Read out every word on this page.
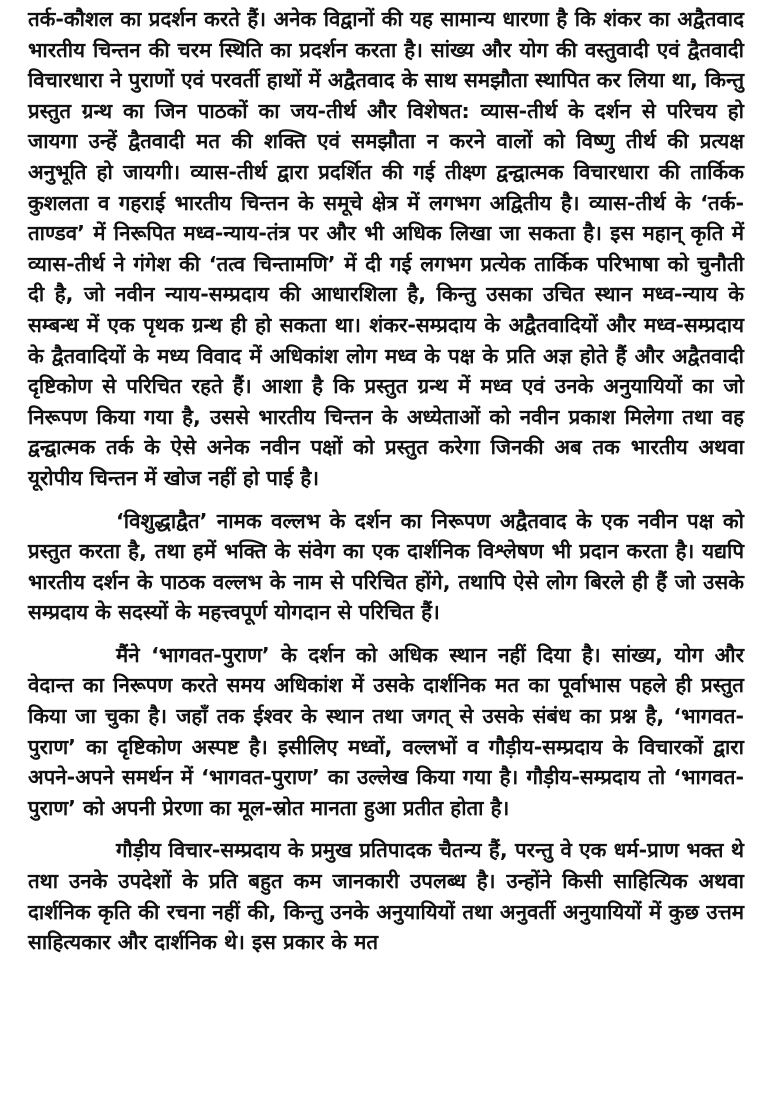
तर्क-कौशल का प्रदर्शन करते हैं। अनेक विद्वानों की यह सामान्य धारणा है कि शंकर का अद्वैतवाद भारतीय चिन्तन की चरम स्थिति का प्रदर्शन करता है। सांख्य और योग की वस्तुवादी एवं द्वैतवादी विचारधारा ने पुराणों एवं परवर्ती हाथों में अद्वैतवाद के साथ समझौता स्थापित कर लिया था, किन्तु प्रस्तुत ग्रन्थ का जिन पाठकों का जय-तीर्थ और विशेषत: व्यास-तीर्थ के दर्शन से परिचय हो जायगा उन्हें द्वैतवादी मत की शक्ति एवं समझौता न करने वालों को विष्णु तीर्थ की प्रत्यक्ष अनुभूति हो जायगी। व्यास-तीर्थ द्वारा प्रदर्शित की गई तीक्ष्ण द्वन्द्वात्मक विचारधारा की तार्किक कुशलता व गहराई भारतीय चिन्तन के समूचे क्षेत्र में लगभग अद्वितीय है। व्यास-तीर्थ के ‘तर्क-ताण्डव’ में निरूपित मध्व-न्याय-तंत्र पर और भी अधिक लिखा जा सकता है। इस महान् कृति में व्यास-तीर्थ ने गंगेश की ‘तत्व चिन्तामणि’ में दी गई लगभग प्रत्येक तार्किक परिभाषा को चुनौती दी है, जो नवीन न्याय-सम्प्रदाय की आधारशिला है, किन्तु उसका उचित स्थान मध्व-न्याय के सम्बन्ध में एक पृथक ग्रन्थ ही हो सकता था। शंकर-सम्प्रदाय के अद्वैतवादियों और मध्व-सम्प्रदाय के द्वैतवादियों के मध्य विवाद में अधिकांश लोग मध्व के पक्ष के प्रति अज्ञ होते हैं और अद्वैतवादी दृष्टिकोण से परिचित रहते हैं। आशा है कि प्रस्तुत ग्रन्थ में मध्व एवं उनके अनुयायियों का जो निरूपण किया गया है, उससे भारतीय चिन्तन के अध्येताओं को नवीन प्रकाश मिलेगा तथा वह द्वन्द्वात्मक तर्क के ऐसे अनेक नवीन पक्षों को प्रस्तुत करेगा जिनकी अब तक भारतीय अथवा यूरोपीय चिन्तन में खोज नहीं हो पाई है।

‘विशुद्धाद्वैत’ नामक वल्लभ के दर्शन का निरूपण अद्वैतवाद के एक नवीन पक्ष को प्रस्तुत करता है, तथा हमें भक्ति के संवेग का एक दार्शनिक विश्लेषण भी प्रदान करता है। यद्यपि भारतीय दर्शन के पाठक वल्लभ के नाम से परिचित होंगे, तथापि ऐसे लोग बिरले ही हैं जो उसके सम्प्रदाय के सदस्यों के महत्त्वपूर्ण योगदान से परिचित हैं।

मैंने ‘भागवत-पुराण’ के दर्शन को अधिक स्थान नहीं दिया है। सांख्य, योग और वेदान्त का निरूपण करते समय अधिकांश में उसके दार्शनिक मत का पूर्वाभास पहले ही प्रस्तुत किया जा चुका है। जहाँ तक ईश्वर के स्थान तथा जगत् से उसके संबंध का प्रश्न है, ‘भागवत-पुराण’ का दृष्टिकोण अस्पष्ट है। इसीलिए मध्वों, वल्लभों व गौड़ीय-सम्प्रदाय के विचारकों द्वारा अपने-अपने समर्थन में ‘भागवत-पुराण’ का उल्लेख किया गया है। गौड़ीय-सम्प्रदाय तो ‘भागवत-पुराण’ को अपनी प्रेरणा का मूल-स्रोत मानता हुआ प्रतीत होता है।

गौड़ीय विचार-सम्प्रदाय के प्रमुख प्रतिपादक चैतन्य हैं, परन्तु वे एक धर्म-प्राण भक्त थे तथा उनके उपदेशों के प्रति बहुत कम जानकारी उपलब्ध है। उन्होंने किसी साहित्यिक अथवा दार्शनिक कृति की रचना नहीं की, किन्तु उनके अनुयायियों तथा अनुवर्ती अनुयायियों में कुछ उत्तम साहित्यकार और दार्शनिक थे। इस प्रकार के मत
